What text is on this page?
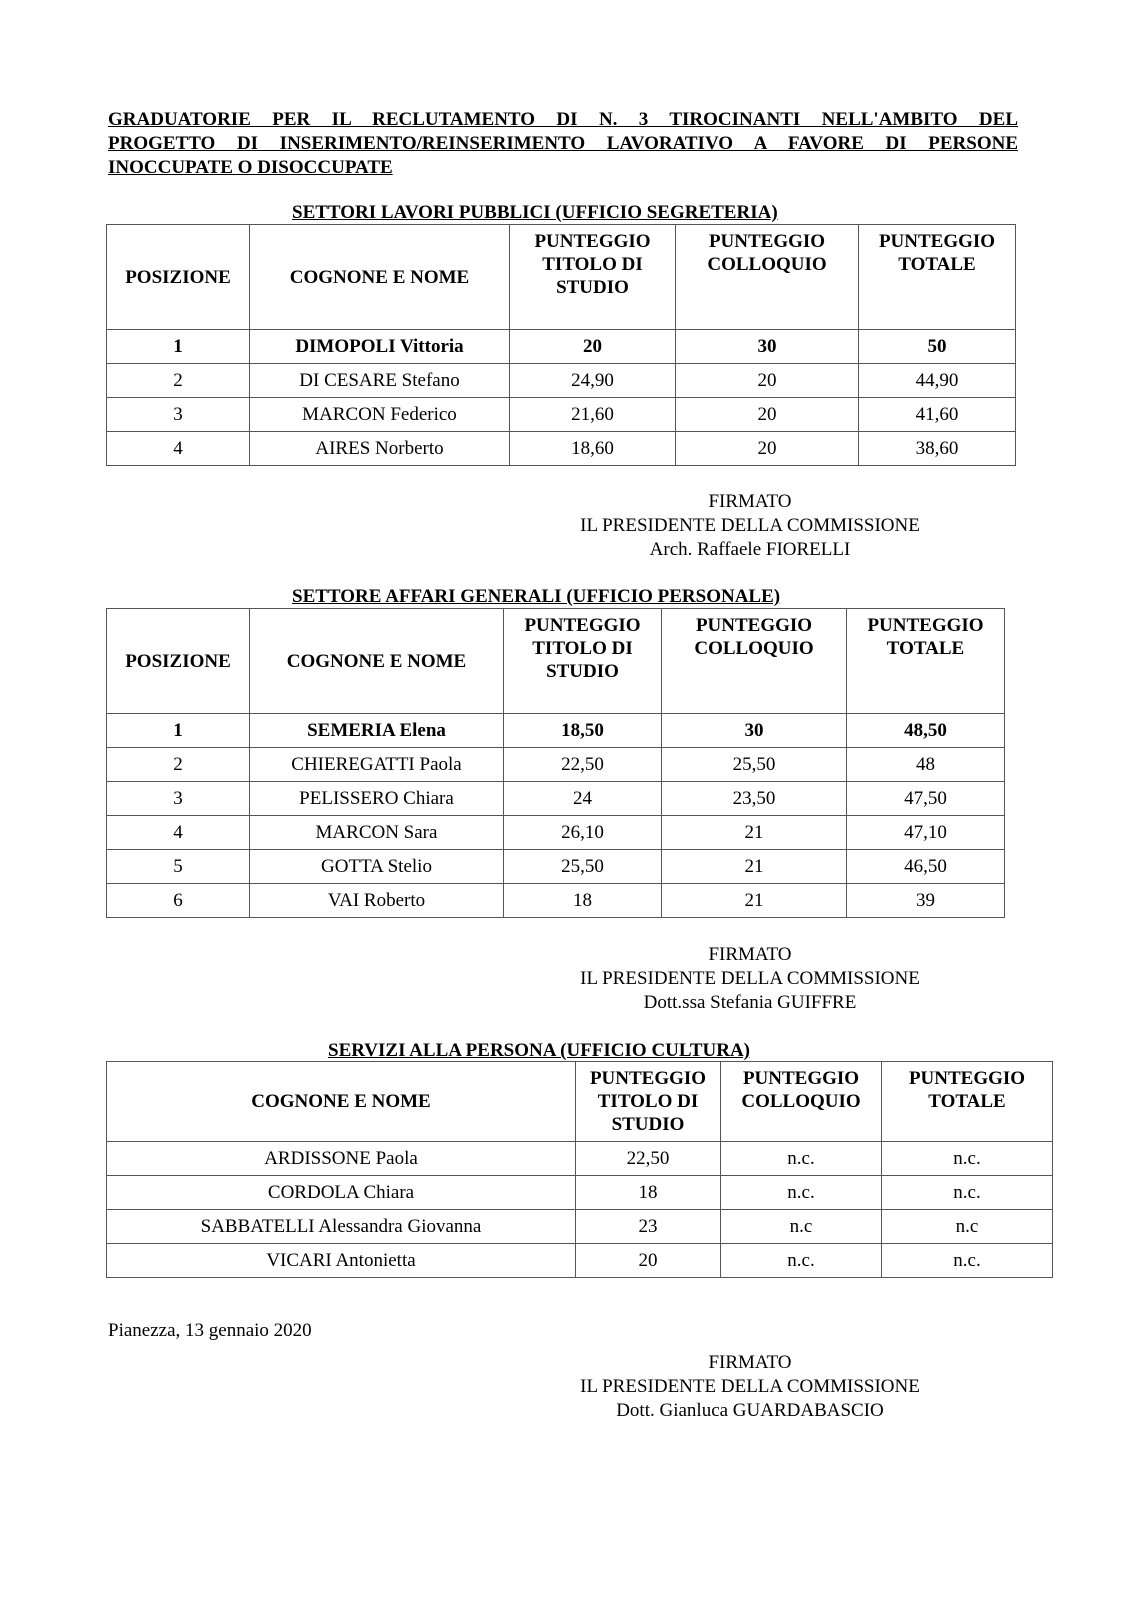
GRADUATORIE PER IL RECLUTAMENTO DI N. 3 TIROCINANTI NELL'AMBITO DEL
PROGETTO DI INSERIMENTO/REINSERIMENTO LAVORATIVO A FAVORE DI PERSONE
INOCCUPATE O DISOCCUPATE
SETTORI LAVORI PUBBLICI (UFFICIO SEGRETERIA)
POSIZIONE	COGNONE E NOME	PUNTEGGIO TITOLO DI STUDIO	PUNTEGGIO COLLOQUIO	PUNTEGGIO TOTALE
1	DIMOPOLI Vittoria	20	30	50
2	DI CESARE Stefano	24,90	20	44,90
3	MARCON Federico	21,60	20	41,60
4	AIRES Norberto	18,60	20	38,60
FIRMATO
IL PRESIDENTE DELLA COMMISSIONE
Arch. Raffaele FIORELLI
SETTORE AFFARI GENERALI (UFFICIO PERSONALE)
POSIZIONE	COGNONE E NOME	PUNTEGGIO TITOLO DI STUDIO	PUNTEGGIO COLLOQUIO	PUNTEGGIO TOTALE
1	SEMERIA Elena	18,50	30	48,50
2	CHIEREGATTI Paola	22,50	25,50	48
3	PELISSERO Chiara	24	23,50	47,50
4	MARCON Sara	26,10	21	47,10
5	GOTTA Stelio	25,50	21	46,50
6	VAI Roberto	18	21	39
FIRMATO
IL PRESIDENTE DELLA COMMISSIONE
Dott.ssa Stefania GUIFFRE
SERVIZI ALLA PERSONA (UFFICIO CULTURA)
COGNONE E NOME	PUNTEGGIO TITOLO DI STUDIO	PUNTEGGIO COLLOQUIO	PUNTEGGIO TOTALE
ARDISSONE Paola	22,50	n.c.	n.c.
CORDOLA Chiara	18	n.c.	n.c.
SABBATELLI Alessandra Giovanna	23	n.c	n.c
VICARI Antonietta	20	n.c.	n.c.
Pianezza, 13 gennaio 2020
FIRMATO
IL PRESIDENTE DELLA COMMISSIONE
Dott. Gianluca GUARDABASCIO
